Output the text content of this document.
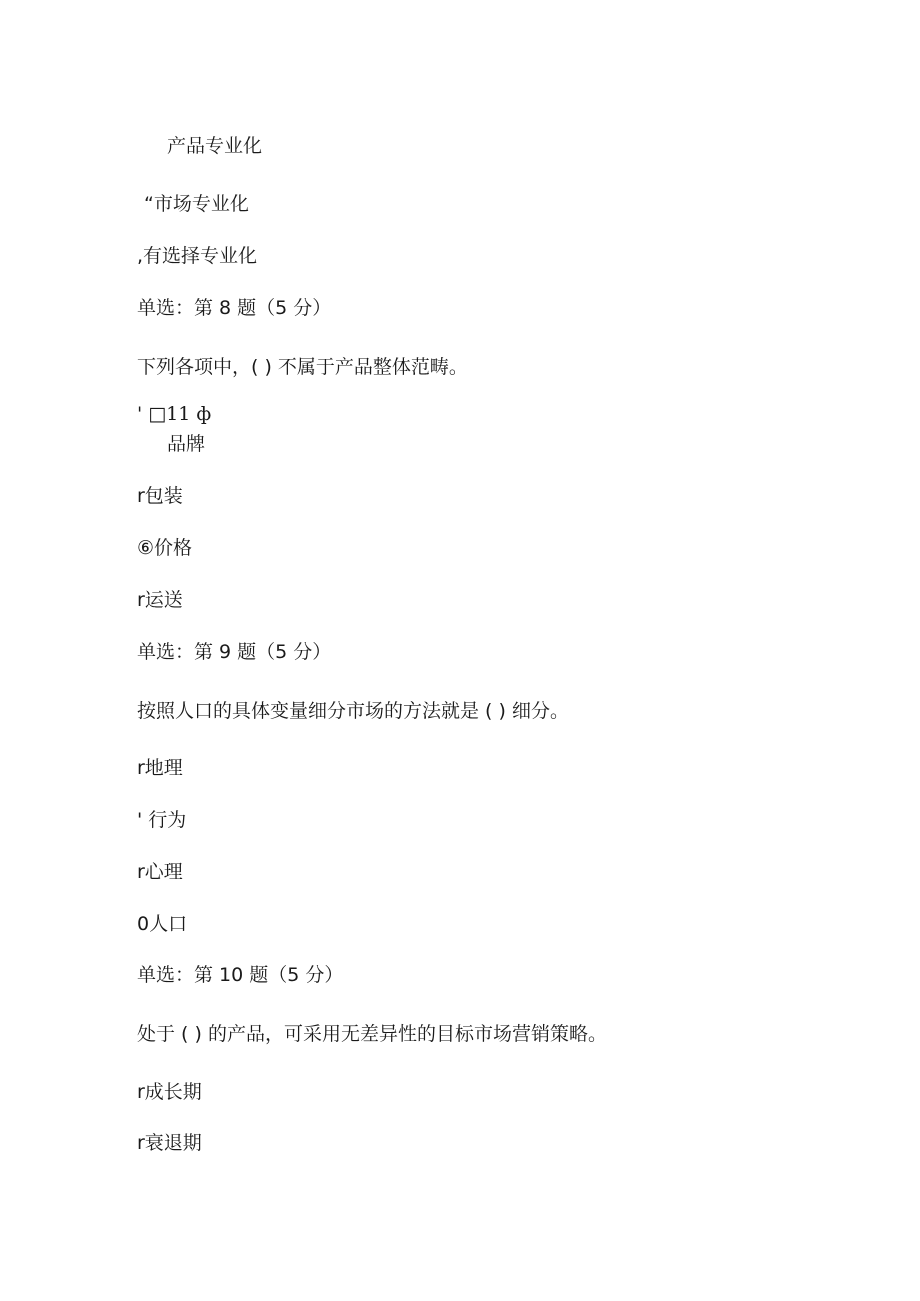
产品专业化
“市场专业化
,有选择专业化
单选：第 8 题（5 分）
下列各项中，( ) 不属于产品整体范畴。
' □11 ф
品牌
r包装
⑥价格
r运送
单选：第 9 题（5 分）
按照人口的具体变量细分市场的方法就是 ( ) 细分。
r地理
' 行为
r心理
0人口
单选：第 10 题（5 分）
处于 ( ) 的产品，可采用无差异性的目标市场营销策略。
r成长期
r衰退期
